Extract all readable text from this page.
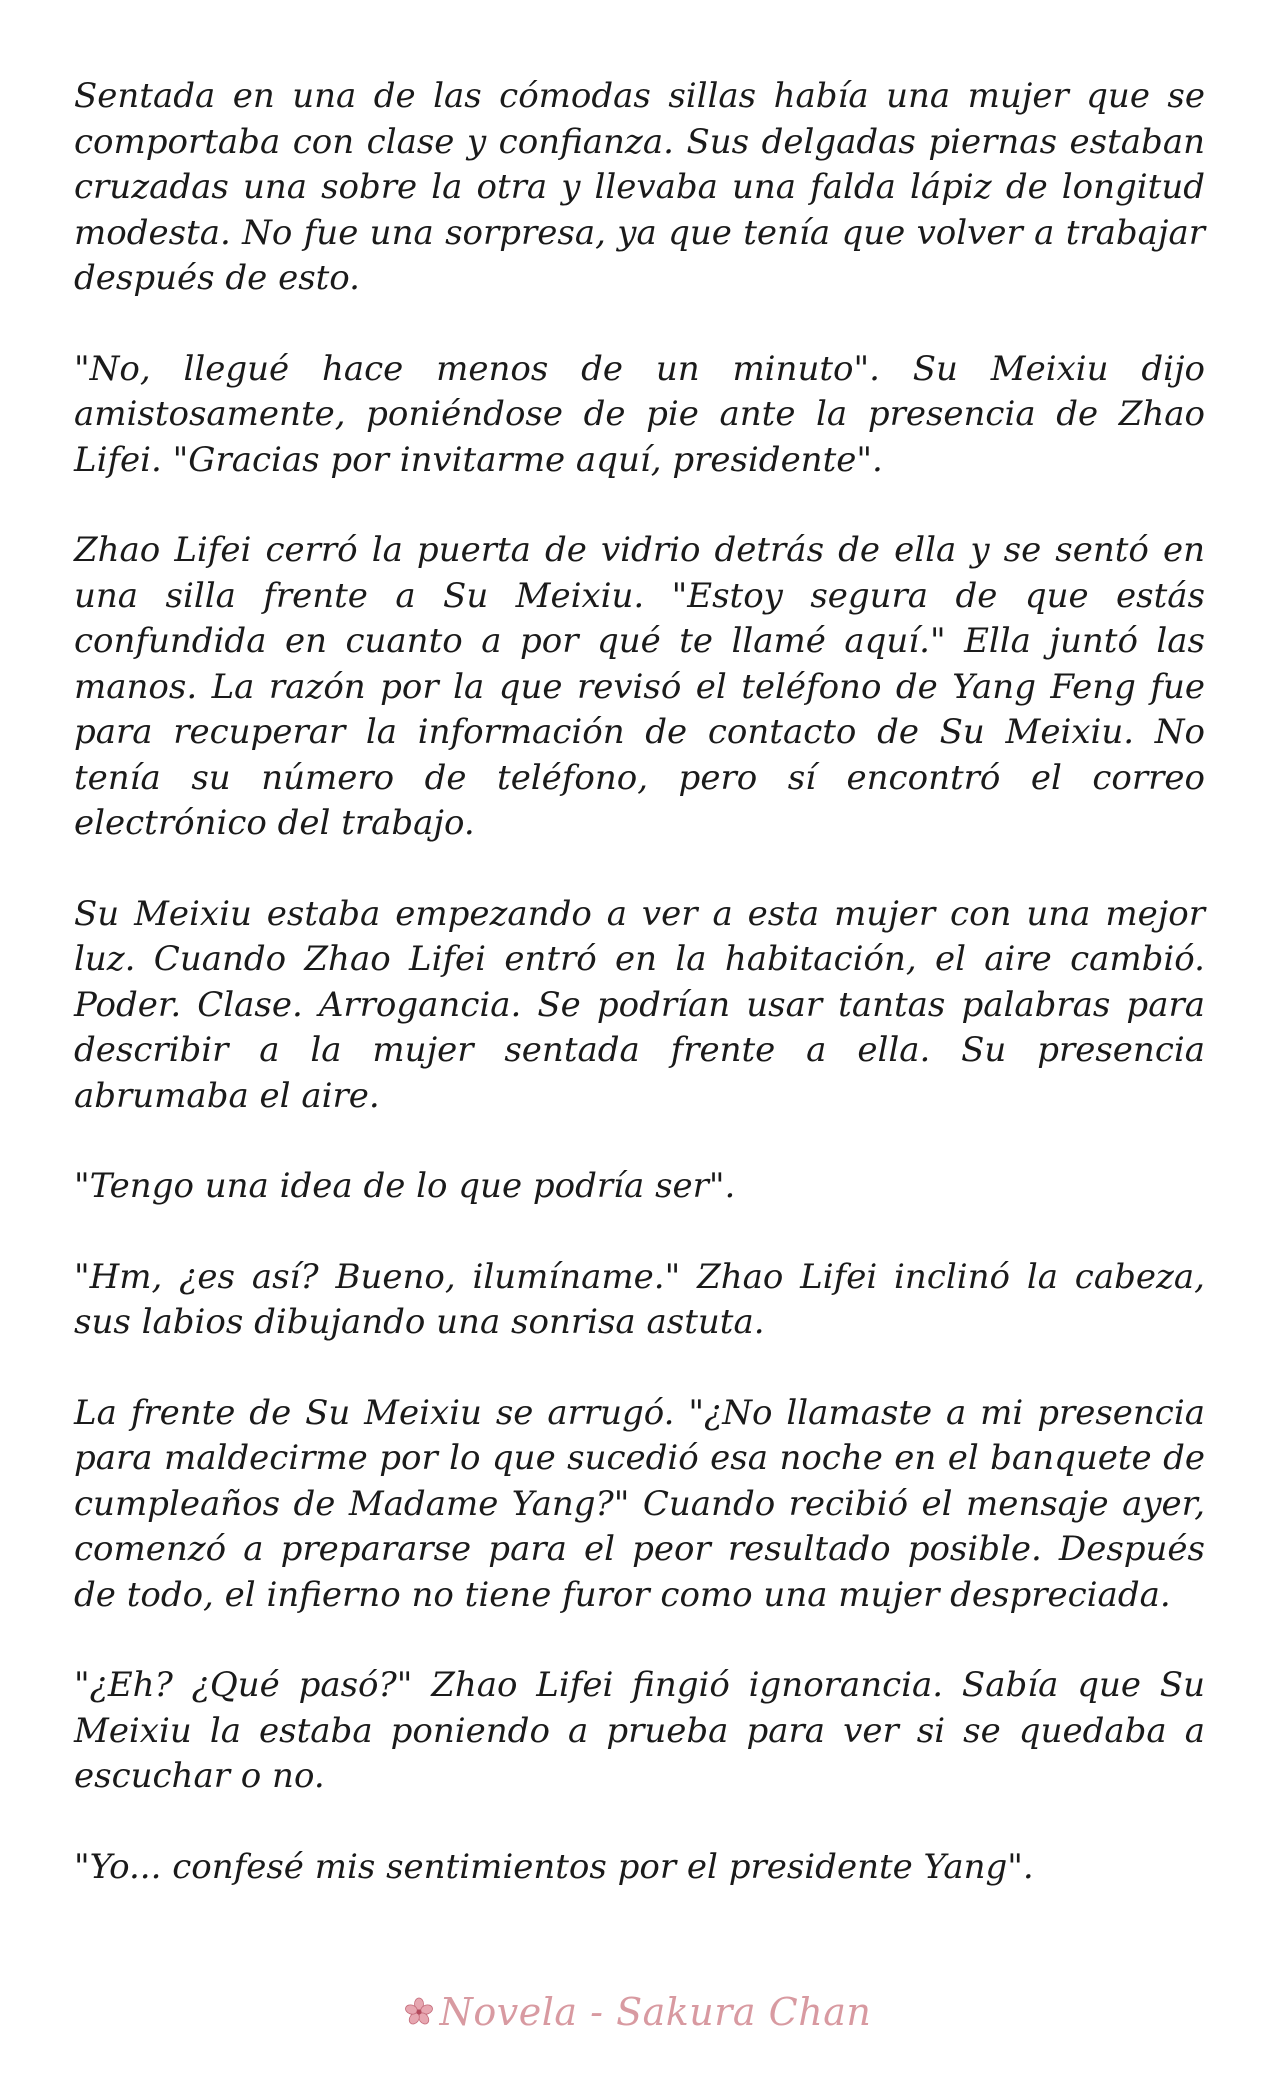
Sentada en una de las cómodas sillas había una mujer que se comportaba con clase y confianza. Sus delgadas piernas estaban cruzadas una sobre la otra y llevaba una falda lápiz de longitud modesta. No fue una sorpresa, ya que tenía que volver a trabajar después de esto.

"No, llegué hace menos de un minuto". Su Meixiu dijo amistosamente, poniéndose de pie ante la presencia de Zhao Lifei. "Gracias por invitarme aquí, presidente".

Zhao Lifei cerró la puerta de vidrio detrás de ella y se sentó en una silla frente a Su Meixiu. "Estoy segura de que estás confundida en cuanto a por qué te llamé aquí." Ella juntó las manos. La razón por la que revisó el teléfono de Yang Feng fue para recuperar la información de contacto de Su Meixiu. No tenía su número de teléfono, pero sí encontró el correo electrónico del trabajo.

Su Meixiu estaba empezando a ver a esta mujer con una mejor luz. Cuando Zhao Lifei entró en la habitación, el aire cambió. Poder. Clase. Arrogancia. Se podrían usar tantas palabras para describir a la mujer sentada frente a ella. Su presencia abrumaba el aire.

"Tengo una idea de lo que podría ser".

"Hm, ¿es así? Bueno, ilumíname." Zhao Lifei inclinó la cabeza, sus labios dibujando una sonrisa astuta.

La frente de Su Meixiu se arrugó. "¿No llamaste a mi presencia para maldecirme por lo que sucedió esa noche en el banquete de cumpleaños de Madame Yang?" Cuando recibió el mensaje ayer, comenzó a prepararse para el peor resultado posible. Después de todo, el infierno no tiene furor como una mujer despreciada.

"¿Eh? ¿Qué pasó?" Zhao Lifei fingió ignorancia. Sabía que Su Meixiu la estaba poniendo a prueba para ver si se quedaba a escuchar o no.

"Yo... confesé mis sentimientos por el presidente Yang".

Novela - Sakura Chan
